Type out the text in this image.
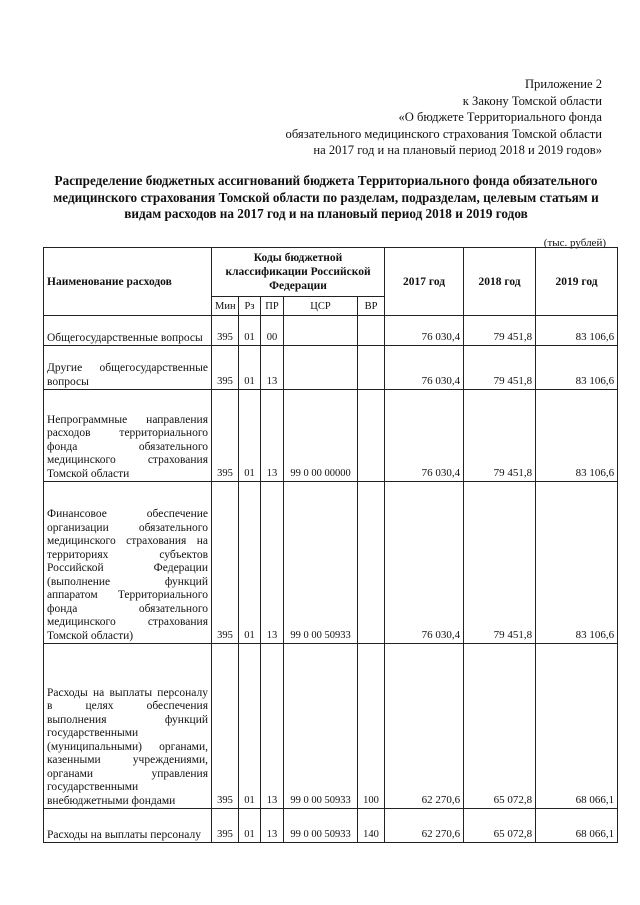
Приложение 2
к Закону Томской области
«О бюджете Территориального фонда
обязательного медицинского страхования Томской области
на 2017 год и на плановый период 2018 и 2019 годов»
Распределение бюджетных ассигнований бюджета Территориального фонда обязательного медицинского страхования Томской области по разделам, подразделам, целевым статьям и видам расходов на 2017 год и на плановый период 2018 и 2019 годов
(тыс. рублей)
Наименование расходов	Коды бюджетной классификации Российской Федерации					2017 год	2018 год	2019 год
	Мин	Рз	ПР	ЦСР	ВР			
Общегосударственные вопросы	395	01	00			76 030,4	79 451,8	83 106,6
Другие общегосударственные вопросы	395	01	13			76 030,4	79 451,8	83 106,6
Непрограммные направления расходов территориального фонда обязательного медицинского страхования Томской области	395	01	13	99 0 00 00000		76 030,4	79 451,8	83 106,6
Финансовое обеспечение организации обязательного медицинского страхования на территориях субъектов Российской Федерации (выполнение функций аппаратом Территориального фонда обязательного медицинского страхования Томской области)	395	01	13	99 0 00 50933		76 030,4	79 451,8	83 106,6
Расходы на выплаты персоналу в целях обеспечения выполнения функций государственными (муниципальными) органами, казенными учреждениями, органами управления государственными внебюджетными фондами	395	01	13	99 0 00 50933	100	62 270,6	65 072,8	68 066,1
Расходы на выплаты персоналу	395	01	13	99 0 00 50933	140	62 270,6	65 072,8	68 066,1
